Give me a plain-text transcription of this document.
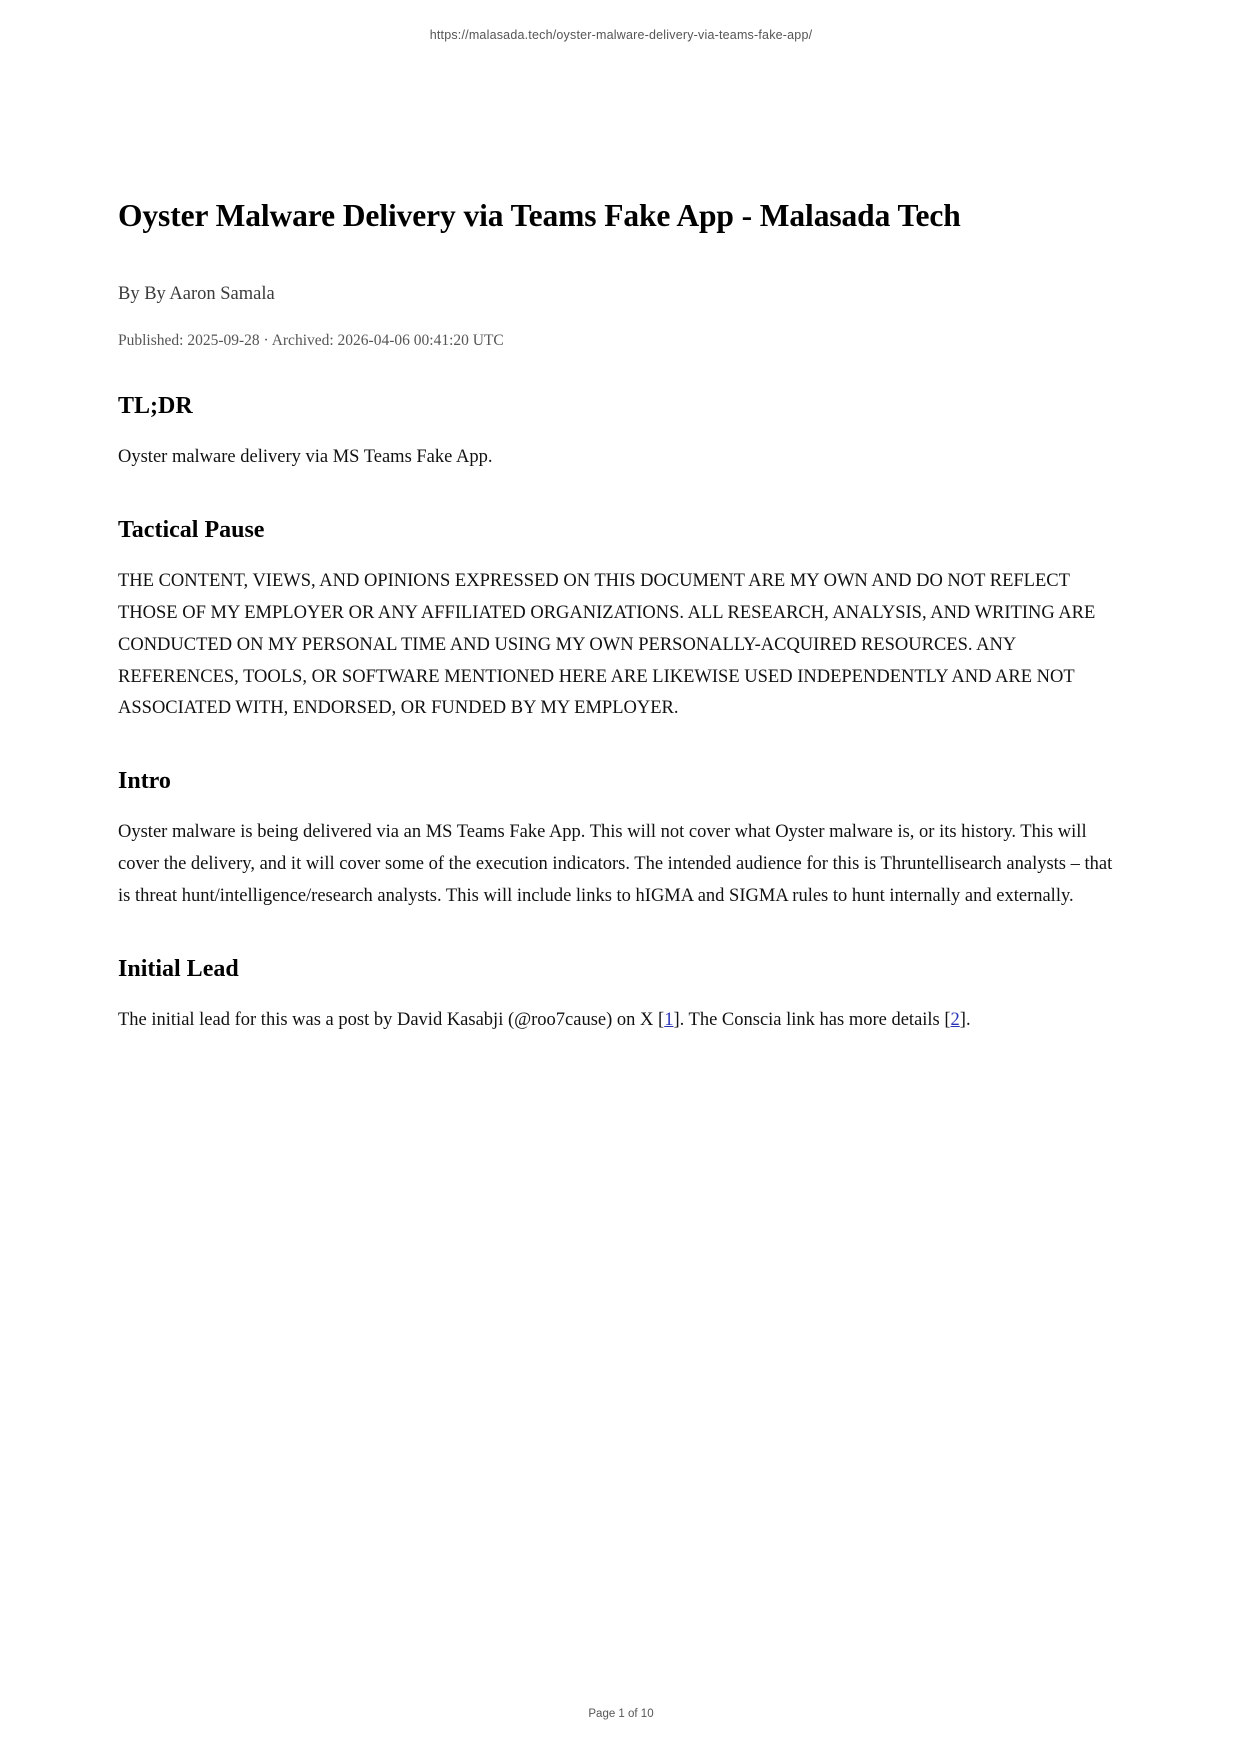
https://malasada.tech/oyster-malware-delivery-via-teams-fake-app/
Oyster Malware Delivery via Teams Fake App - Malasada Tech
By By Aaron Samala
Published: 2025-09-28 · Archived: 2026-04-06 00:41:20 UTC
TL;DR

Oyster malware delivery via MS Teams Fake App.

Tactical Pause

THE CONTENT, VIEWS, AND OPINIONS EXPRESSED ON THIS DOCUMENT ARE MY OWN AND DO NOT REFLECT THOSE OF MY EMPLOYER OR ANY AFFILIATED ORGANIZATIONS. ALL RESEARCH, ANALYSIS, AND WRITING ARE CONDUCTED ON MY PERSONAL TIME AND USING MY OWN PERSONALLY-ACQUIRED RESOURCES. ANY REFERENCES, TOOLS, OR SOFTWARE MENTIONED HERE ARE LIKEWISE USED INDEPENDENTLY AND ARE NOT ASSOCIATED WITH, ENDORSED, OR FUNDED BY MY EMPLOYER.

Intro

Oyster malware is being delivered via an MS Teams Fake App. This will not cover what Oyster malware is, or its history. This will cover the delivery, and it will cover some of the execution indicators. The intended audience for this is Thruntellisearch analysts – that is threat hunt/intelligence/research analysts. This will include links to hIGMA and SIGMA rules to hunt internally and externally.

Initial Lead

The initial lead for this was a post by David Kasabji (@roo7cause) on X [1]. The Conscia link has more details [2].

Page 1 of 10
